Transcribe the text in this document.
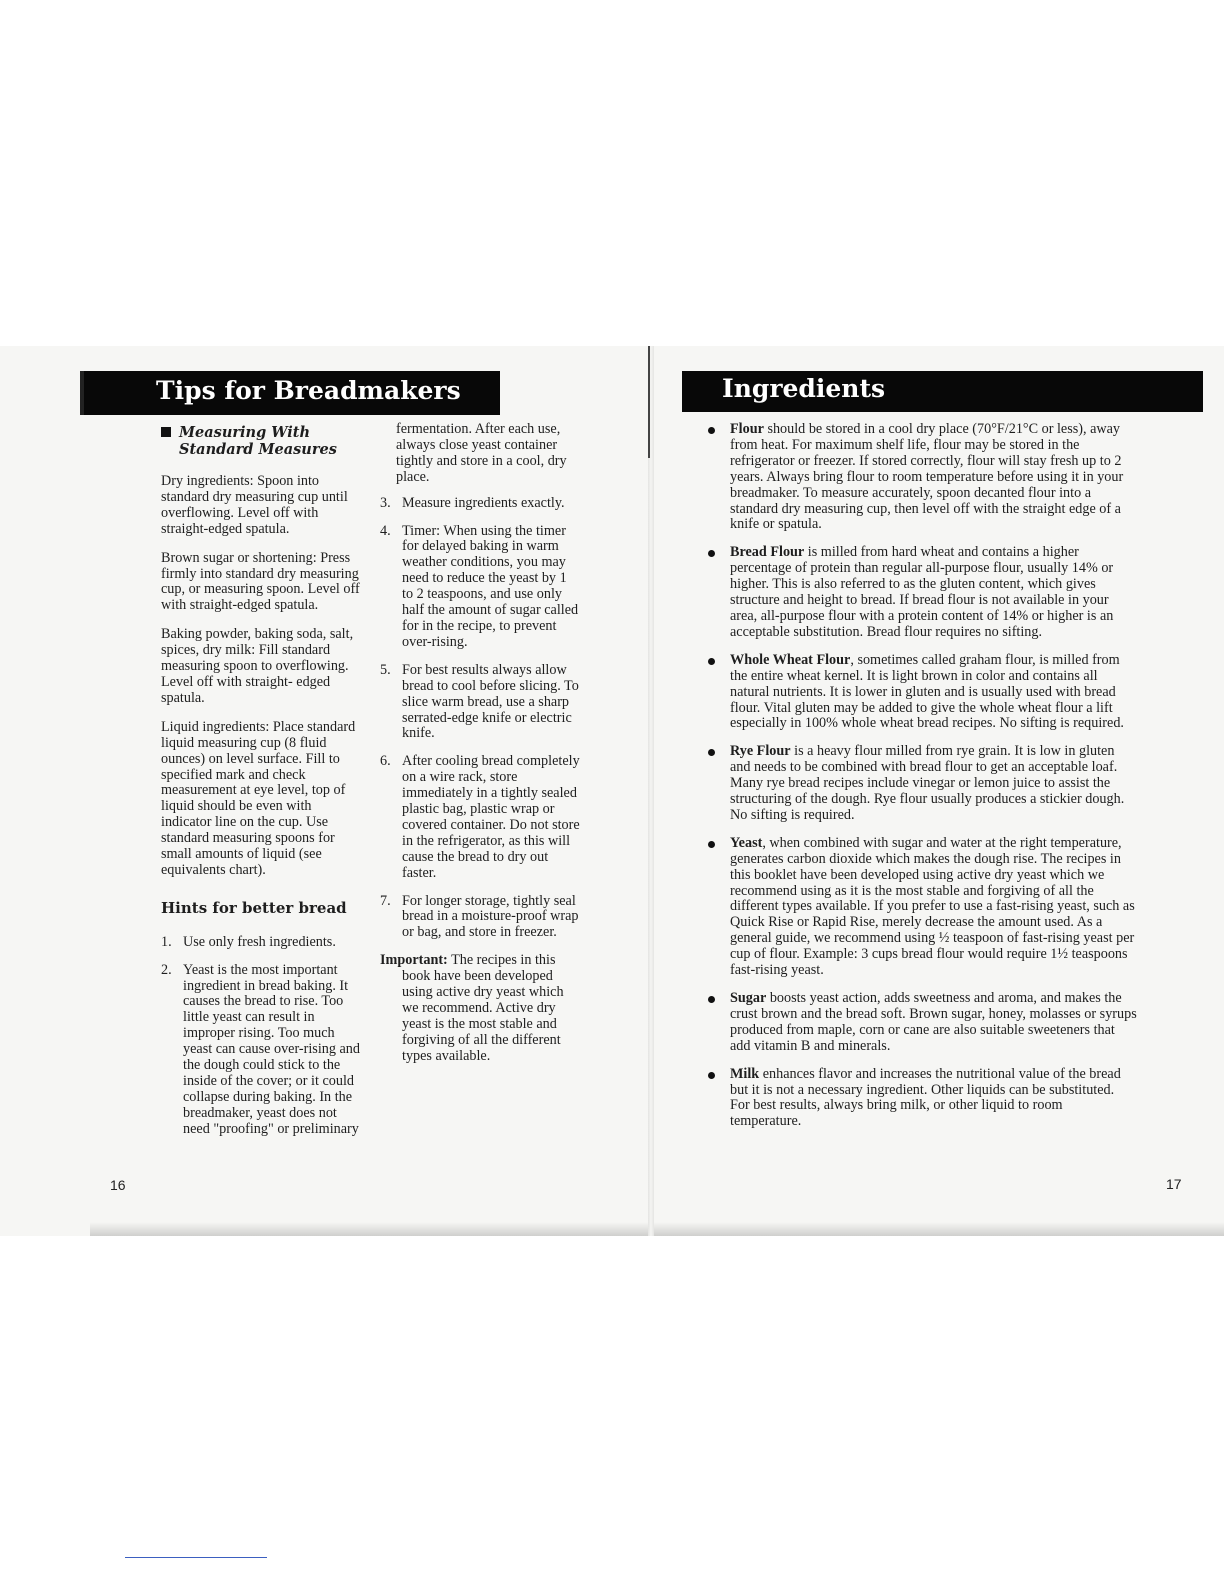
Tips for Breadmakers	Ingredients
Measuring With
Standard Measures

Dry ingredients: Spoon into standard dry measuring cup until overflowing. Level off with straight-edged spatula.

Brown sugar or shortening: Press firmly into standard dry measuring cup, or measuring spoon. Level off with straight-edged spatula.

Baking powder, baking soda, salt, spices, dry milk: Fill standard measuring spoon to overflowing. Level off with straight- edged spatula.

Liquid ingredients: Place standard liquid measuring cup (8 fluid ounces) on level surface. Fill to specified mark and check measurement at eye level, top of liquid should be even with indicator line on the cup. Use standard measuring spoons for small amounts of liquid (see equivalents chart).

Hints for better bread
1. Use only fresh ingredients.
2. Yeast is the most important ingredient in bread baking. It causes the bread to rise. Too little yeast can result in improper rising. Too much yeast can cause over-rising and the dough could stick to the inside of the cover; or it could collapse during baking. In the breadmaker, yeast does not need "proofing" or preliminary
fermentation. After each use, always close yeast container tightly and store in a cool, dry place.
3. Measure ingredients exactly.
4. Timer: When using the timer for delayed baking in warm weather conditions, you may need to reduce the yeast by 1 to 2 teaspoons, and use only half the amount of sugar called for in the recipe, to prevent over-rising.
5. For best results always allow bread to cool before slicing. To slice warm bread, use a sharp serrated-edge knife or electric knife.
6. After cooling bread completely on a wire rack, store immediately in a tightly sealed plastic bag, plastic wrap or covered container. Do not store in the refrigerator, as this will cause the bread to dry out faster.
7. For longer storage, tightly seal bread in a moisture-proof wrap or bag, and store in freezer.
Important: The recipes in this book have been developed using active dry yeast which we recommend. Active dry yeast is the most stable and forgiving of all the different types available.
Flour should be stored in a cool dry place (70°F/21°C or less), away from heat. For maximum shelf life, flour may be stored in the refrigerator or freezer. If stored correctly, flour will stay fresh up to 2 years. Always bring flour to room temperature before using it in your breadmaker. To measure accurately, spoon decanted flour into a standard dry measuring cup, then level off with the straight edge of a knife or spatula.
Bread Flour is milled from hard wheat and contains a higher percentage of protein than regular all-purpose flour, usually 14% or higher. This is also referred to as the gluten content, which gives structure and height to bread. If bread flour is not available in your area, all-purpose flour with a protein content of 14% or higher is an acceptable substitution. Bread flour requires no sifting.
Whole Wheat Flour, sometimes called graham flour, is milled from the entire wheat kernel. It is light brown in color and contains all natural nutrients. It is lower in gluten and is usually used with bread flour. Vital gluten may be added to give the whole wheat flour a lift especially in 100% whole wheat bread recipes. No sifting is required.
Rye Flour is a heavy flour milled from rye grain. It is low in gluten and needs to be combined with bread flour to get an acceptable loaf. Many rye bread recipes include vinegar or lemon juice to assist the structuring of the dough. Rye flour usually produces a stickier dough. No sifting is required.
Yeast, when combined with sugar and water at the right temperature, generates carbon dioxide which makes the dough rise. The recipes in this booklet have been developed using active dry yeast which we recommend using as it is the most stable and forgiving of all the different types available. If you prefer to use a fast-rising yeast, such as Quick Rise or Rapid Rise, merely decrease the amount used. As a general guide, we recommend using ½ teaspoon of fast-rising yeast per cup of flour. Example: 3 cups bread flour would require 1½ teaspoons fast-rising yeast.
Sugar boosts yeast action, adds sweetness and aroma, and makes the crust brown and the bread soft. Brown sugar, honey, molasses or syrups produced from maple, corn or cane are also suitable sweeteners that add vitamin B and minerals.
Milk enhances flavor and increases the nutritional value of the bread but it is not a necessary ingredient. Other liquids can be substituted. For best results, always bring milk, or other liquid to room temperature.
16	17
